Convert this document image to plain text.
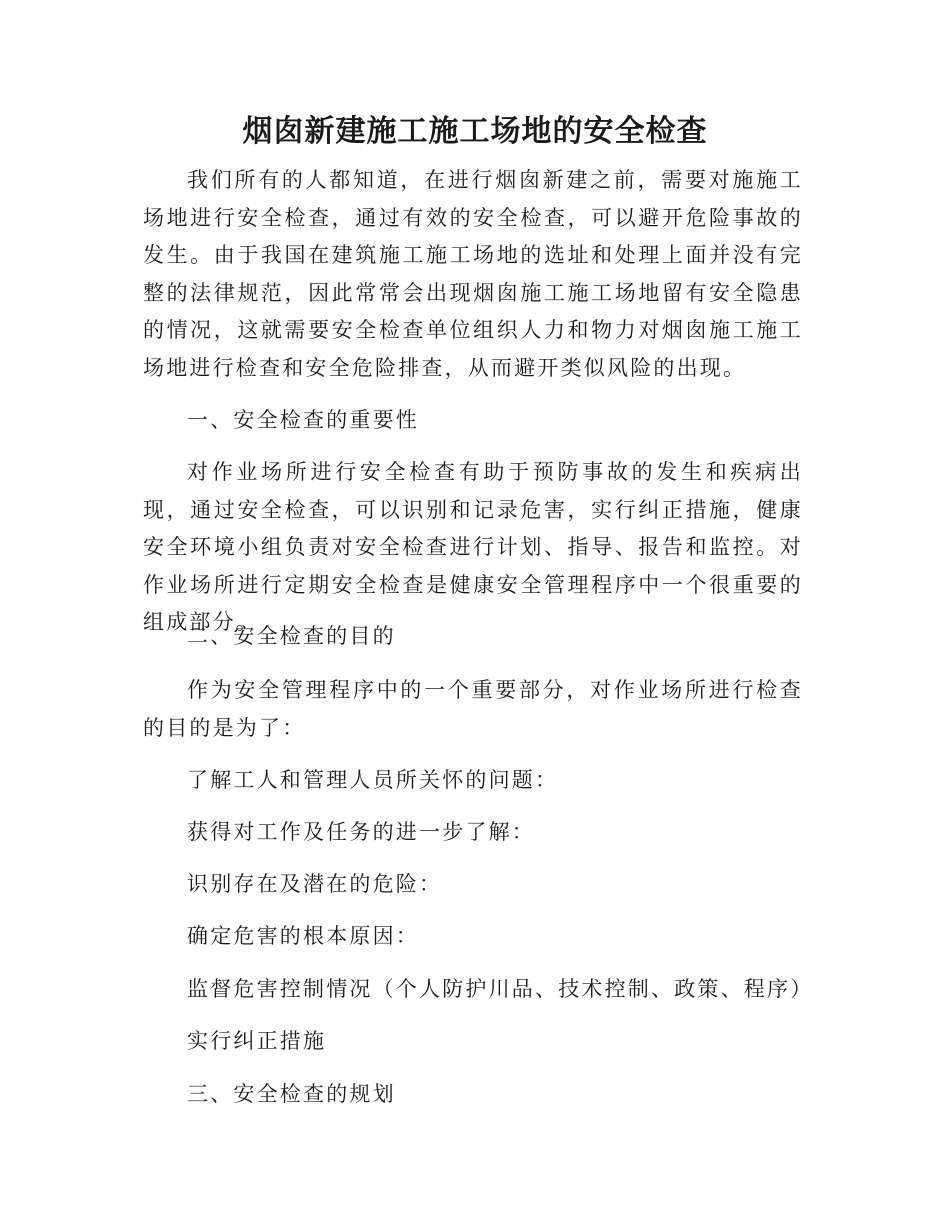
烟囱新建施工施工场地的安全检查

我们所有的人都知道，在进行烟囱新建之前，需要对施施工场地进行安全检查，通过有效的安全检查，可以避开危险事故的发生。由于我国在建筑施工施工场地的选址和处理上面并没有完整的法律规范，因此常常会出现烟囱施工施工场地留有安全隐患的情况，这就需要安全检查单位组织人力和物力对烟囱施工施工场地进行检查和安全危险排查，从而避开类似风险的出现。

一、安全检查的重要性

对作业场所进行安全检查有助于预防事故的发生和疾病出现，通过安全检查，可以识别和记录危害，实行纠正措施，健康安全环境小组负责对安全检查进行计划、指导、报告和监控。对作业场所进行定期安全检查是健康安全管理程序中一个很重要的组成部分。

二、安全检查的目的

作为安全管理程序中的一个重要部分，对作业场所进行检查的目的是为了：

了解工人和管理人员所关怀的问题：

获得对工作及任务的进一步了解：

识别存在及潜在的危险：

确定危害的根本原因：

监督危害控制情况（个人防护川品、技术控制、政策、程序）

实行纠正措施

三、安全检查的规划
